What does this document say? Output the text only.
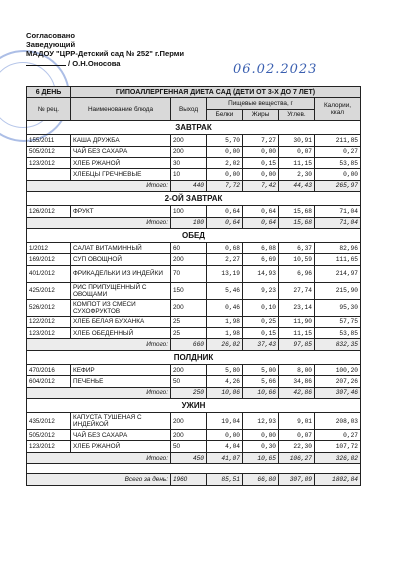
Согласовано
Заведующий
МАДОУ "ЦРР-Детский сад № 252" г.Перми
/ О.Н.Оносова	06.02.2023
6 ДЕНЬ	ГИПОАЛЛЕРГЕННАЯ ДИЕТА САД (ДЕТИ ОТ 3-Х ДО 7 ЛЕТ)					
№ рец.	Наименование блюда	Выход	Пищевые вещества, г			Калории,
ккал
			Белки	Жиры	Углев.	
ЗАВТРАК						
155/2011	КАША ДРУЖБА	200	5,70	7,27	30,91	211,85
505/2012	ЧАЙ БЕЗ САХАРА	200	0,00	0,00	0,07	0,27
123/2012	ХЛЕБ РЖАНОЙ	30	2,02	0,15	11,15	53,85
	ХЛЕБЦЫ ГРЕЧНЕВЫЕ	10	0,00	0,00	2,30	0,00
Итого:		440	7,72	7,42	44,43	265,97
2-ОЙ ЗАВТРАК						
126/2012	ФРУКТ	100	0,64	0,64	15,68	71,04
Итого:		100	0,64	0,64	15,68	71,04
ОБЕД						
1/2012	САЛАТ ВИТАМИННЫЙ	60	0,68	6,08	6,37	82,96
169/2012	СУП ОВОЩНОЙ	200	2,27	6,69	10,59	111,65
401/2012	ФРИКАДЕЛЬКИ ИЗ ИНДЕЙКИ	70	13,19	14,93	6,96	214,97
425/2012	РИС ПРИПУЩЕННЫЙ С ОВОЩАМИ	150	5,46	9,23	27,74	215,90
526/2012	КОМПОТ ИЗ СМЕСИ СУХОФРУКТОВ	200	0,46	0,10	23,14	95,30
122/2012	ХЛЕБ БЕЛАЯ БУХАНКА	25	1,98	0,25	11,90	57,75
123/2012	ХЛЕБ ОБЕДЕННЫЙ	25	1,98	0,15	11,15	53,85
Итого:		660	26,02	37,43	97,85	832,35
ПОЛДНИК						
470/2016	КЕФИР	200	5,80	5,00	8,00	100,20
604/2012	ПЕЧЕНЬЕ	50	4,26	5,66	34,86	207,26
Итого:		250	10,06	10,66	42,86	307,46
УЖИН						
435/2012	КАПУСТА ТУШЕНАЯ С ИНДЕЙКОЙ	200	19,04	12,93	9,01	208,03
505/2012	ЧАЙ БЕЗ САХАРА	200	0,00	0,00	0,07	0,27
123/2012	ХЛЕБ РЖАНОЙ	50	4,04	0,30	22,30	107,72
Итого:		450	41,07	10,65	106,27	326,02

Всего за день:		1960	85,51	66,80	307,09	1802,84
